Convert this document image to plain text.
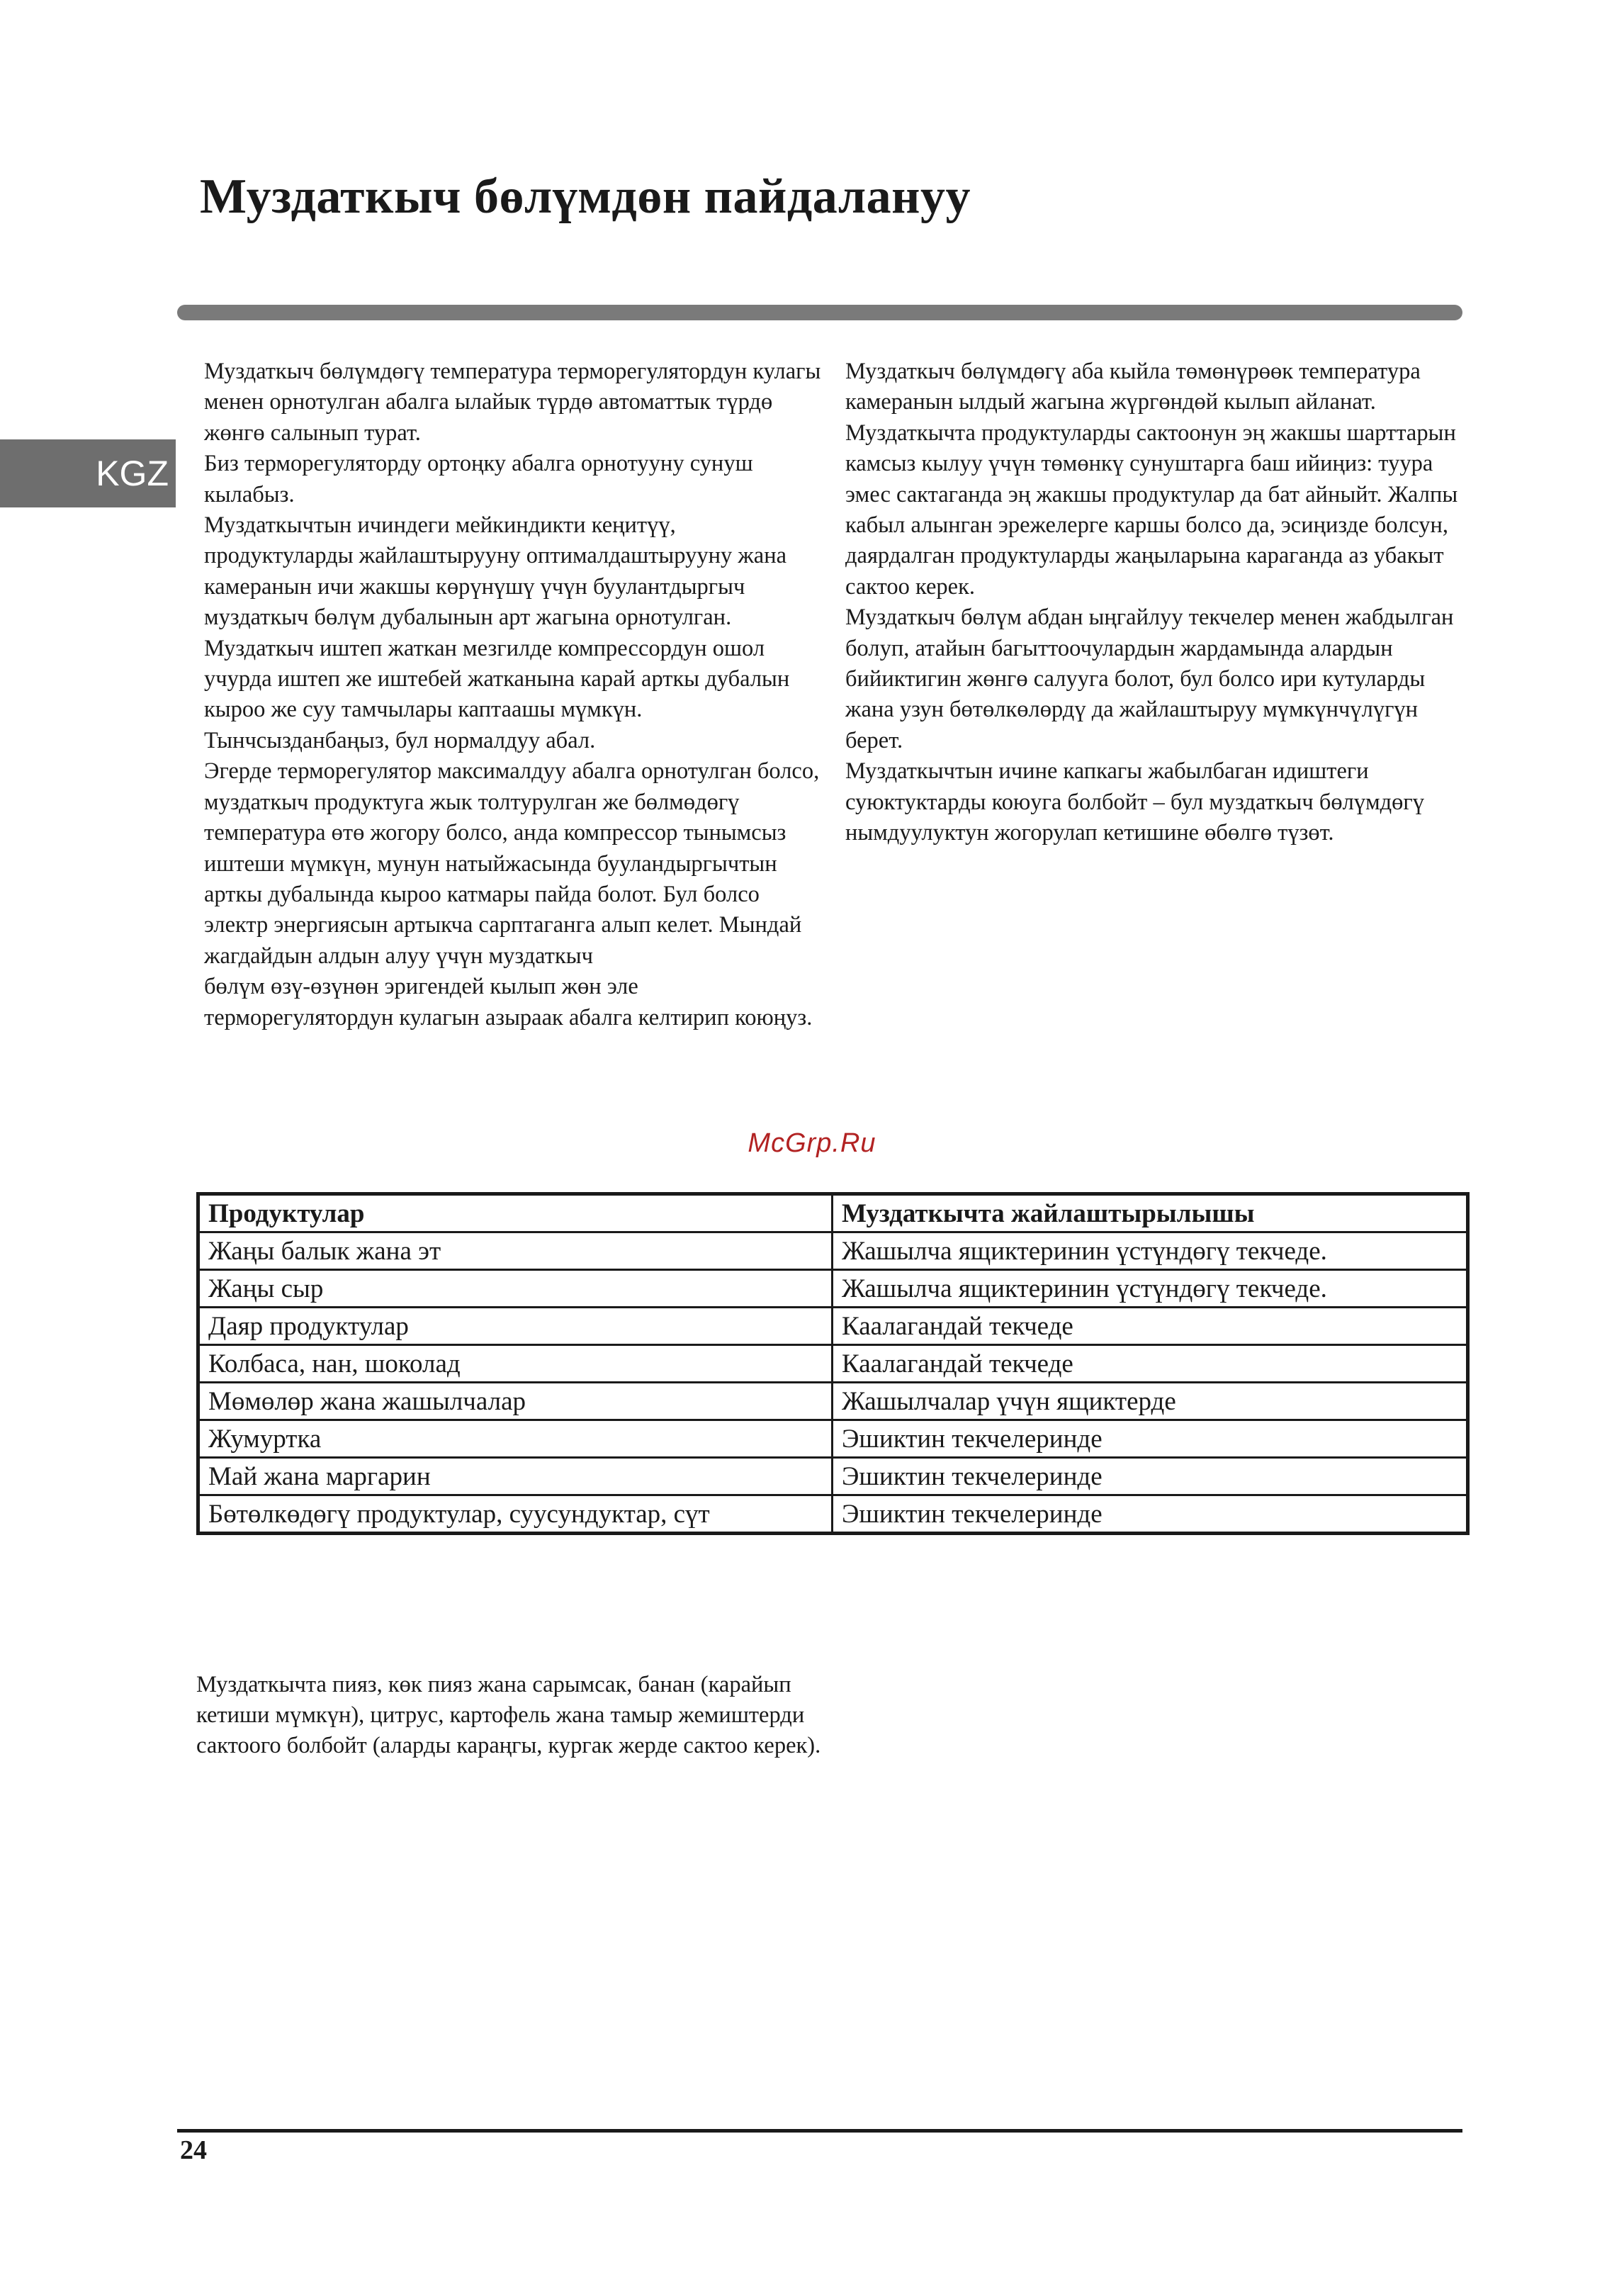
Муздаткыч бөлүмдөн пайдалануу
KGZ

Муздаткыч бөлүмдөгү температура терморегулятордун кулагы менен орнотулган абалга ылайык түрдө автоматтык түрдө жөнгө салынып турат.

Биз терморегуляторду ортоңку абалга орнотууну сунуш кылабыз.

Муздаткычтын ичиндеги мейкиндикти кеңитүү, продуктуларды жайлаштырууну оптималдаштырууну жана камеранын ичи жакшы көрүнүшү үчүн буулантдыргыч муздаткыч бөлүм дубалынын арт жагына орнотулган.

Муздаткыч иштеп жаткан мезгилде компрессордун ошол учурда иштеп же иштебей жатканына карай арткы дубалын кыроо же суу тамчылары каптаашы мүмкүн. Тынчсызданбаңыз, бул нормалдуу абал.

Эгерде терморегулятор максималдуу абалга орнотулган болсо, муздаткыч продуктуга жык толтурулган же бөлмөдөгү температура өтө жогору болсо, анда компрессор тынымсыз иштеши мүмкүн, мунун натыйжасында бууландыргычтын арткы дубалында кыроо катмары пайда болот. Бул болсо электр энергиясын артыкча сарптаганга алып келет. Мындай жагдайдын алдын алуу үчүн муздаткыч

бөлүм өзү-өзүнөн эригендей кылып жөн эле терморегулятордун кулагын азыраак абалга келтирип коюңуз.

Муздаткыч бөлүмдөгү аба кыйла төмөнүрөөк температура камеранын ылдый жагына жүргөндөй кылып айланат.

Муздаткычта продуктуларды сактоонун эң жакшы шарттарын камсыз кылуу үчүн төмөнкү сунуштарга баш ийиңиз: туура эмес сактаганда эң жакшы продуктулар да бат айныйт. Жалпы кабыл алынган эрежелерге каршы болсо да, эсиңизде болсун, даярдалган продуктуларды жаңыларына караганда аз убакыт сактоо керек.

Муздаткыч бөлүм абдан ыңгайлуу текчелер менен жабдылган болуп, атайын багыттоочулардын жардамында алардын бийиктигин жөнгө салууга болот, бул болсо ири кутуларды жана узун бөтөлкөлөрдү да жайлаштыруу мүмкүнчүлүгүн берет.

Муздаткычтын ичине капкагы жабылбаган идиштеги суюктуктарды коюуга болбойт – бул муздаткыч бөлүмдөгү нымдуулуктун жогорулап кетишине өбөлгө түзөт.

McGrp.Ru
Продуктулар	Муздаткычта жайлаштырылышы
Жаңы балык жана эт	Жашылча ящиктеринин үстүндөгү текчеде.
Жаңы сыр	Жашылча ящиктеринин үстүндөгү текчеде.
Даяр продуктулар	Каалагандай текчеде
Колбаса, нан, шоколад	Каалагандай текчеде
Мөмөлөр жана жашылчалар	Жашылчалар үчүн ящиктерде
Жумуртка	Эшиктин текчелеринде
Май жана маргарин	Эшиктин текчелеринде
Бөтөлкөдөгү продуктулар, суусундуктар, сүт	Эшиктин текчелеринде

Муздаткычта пияз, көк пияз жана сарымсак, банан (карайып кетиши мүмкүн), цитрус, картофель жана тамыр жемиштерди сактоого болбойт (аларды караңгы, кургак жерде сактоо керек).

24
